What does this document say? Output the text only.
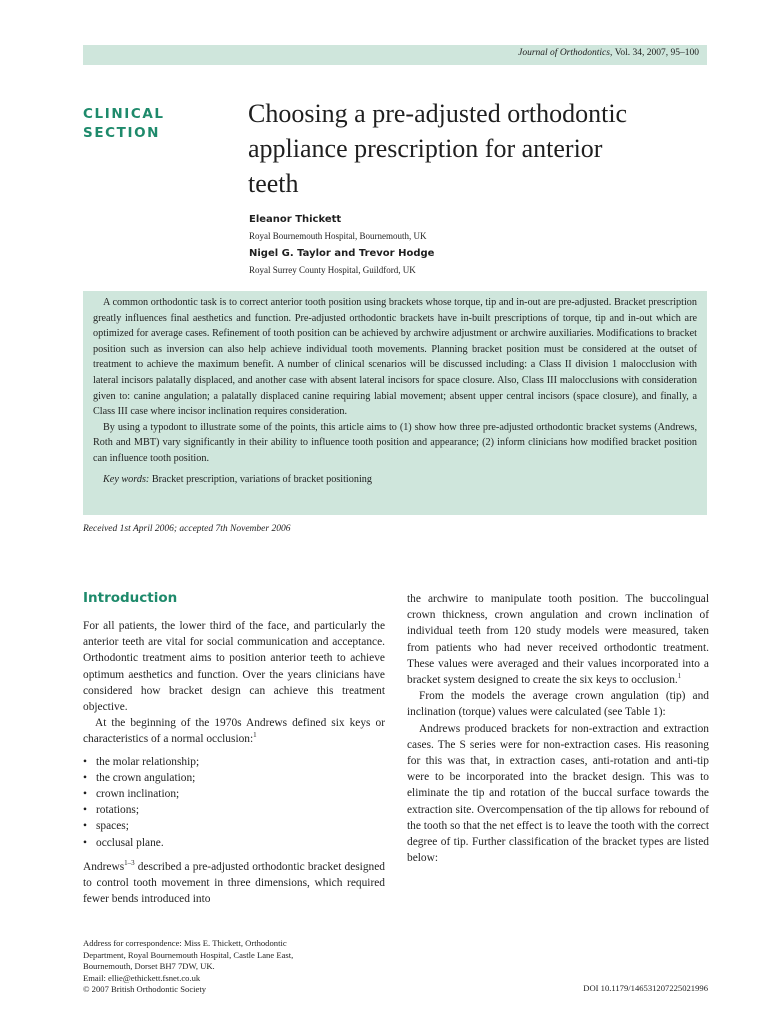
Journal of Orthodontics, Vol. 34, 2007, 95–100
CLINICAL
SECTION
Choosing a pre-adjusted orthodontic
appliance prescription for anterior
teeth
Eleanor Thickett
Royal Bournemouth Hospital, Bournemouth, UK
Nigel G. Taylor and Trevor Hodge
Royal Surrey County Hospital, Guildford, UK

A common orthodontic task is to correct anterior tooth position using brackets whose torque, tip and in-out are pre-adjusted. Bracket prescription greatly influences final aesthetics and function. Pre-adjusted orthodontic brackets have in-built prescriptions of torque, tip and in-out which are optimized for average cases. Refinement of tooth position can be achieved by archwire adjustment or archwire auxiliaries. Modifications to bracket position such as inversion can also help achieve individual tooth movements. Planning bracket position must be considered at the outset of treatment to achieve the maximum benefit. A number of clinical scenarios will be discussed including: a Class II division 1 malocclusion with lateral incisors palatally displaced, and another case with absent lateral incisors for space closure. Also, Class III malocclusions with consideration given to: canine angulation; a palatally displaced canine requiring labial movement; absent upper central incisors (space closure), and finally, a Class III case where incisor inclination requires consideration.

By using a typodont to illustrate some of the points, this article aims to (1) show how three pre-adjusted orthodontic bracket systems (Andrews, Roth and MBT) vary significantly in their ability to influence tooth position and appearance; (2) inform clinicians how modified bracket position can influence tooth position.

Key words: Bracket prescription, variations of bracket positioning
Received 1st April 2006; accepted 7th November 2006
Introduction

For all patients, the lower third of the face, and particularly the anterior teeth are vital for social communication and acceptance. Orthodontic treatment aims to position anterior teeth to achieve optimum aesthetics and function. Over the years clinicians have considered how bracket design can achieve this treatment objective.

At the beginning of the 1970s Andrews defined six keys or characteristics of a normal occlusion:$^1$

• the molar relationship;
• the crown angulation;
• crown inclination;
• rotations;
• spaces;
• occlusal plane.

Andrews$^{1-3}$ described a pre-adjusted orthodontic bracket designed to control tooth movement in three dimensions, which required fewer bends introduced into

the archwire to manipulate tooth position. The buccolingual crown thickness, crown angulation and crown inclination of individual teeth from 120 study models were measured, taken from patients who had never received orthodontic treatment. These values were averaged and their values incorporated into a bracket system designed to create the six keys to occlusion.$^1$

From the models the average crown angulation (tip) and inclination (torque) values were calculated (see Table 1):

Andrews produced brackets for non-extraction and extraction cases. The S series were for non-extraction cases. His reasoning for this was that, in extraction cases, anti-rotation and anti-tip were to be incorporated into the bracket design. This was to eliminate the tip and rotation of the buccal surface towards the extraction site. Overcompensation of the tip allows for rebound of the tooth so that the net effect is to leave the tooth with the correct degree of tip. Further classification of the bracket types are listed below:

Address for correspondence: Miss E. Thickett, Orthodontic
Department, Royal Bournemouth Hospital, Castle Lane East,
Bournemouth, Dorset BH7 7DW, UK.
Email: ellie@ethickett.fsnet.co.uk
© 2007 British Orthodontic Society	DOI 10.1179/146531207225021996
